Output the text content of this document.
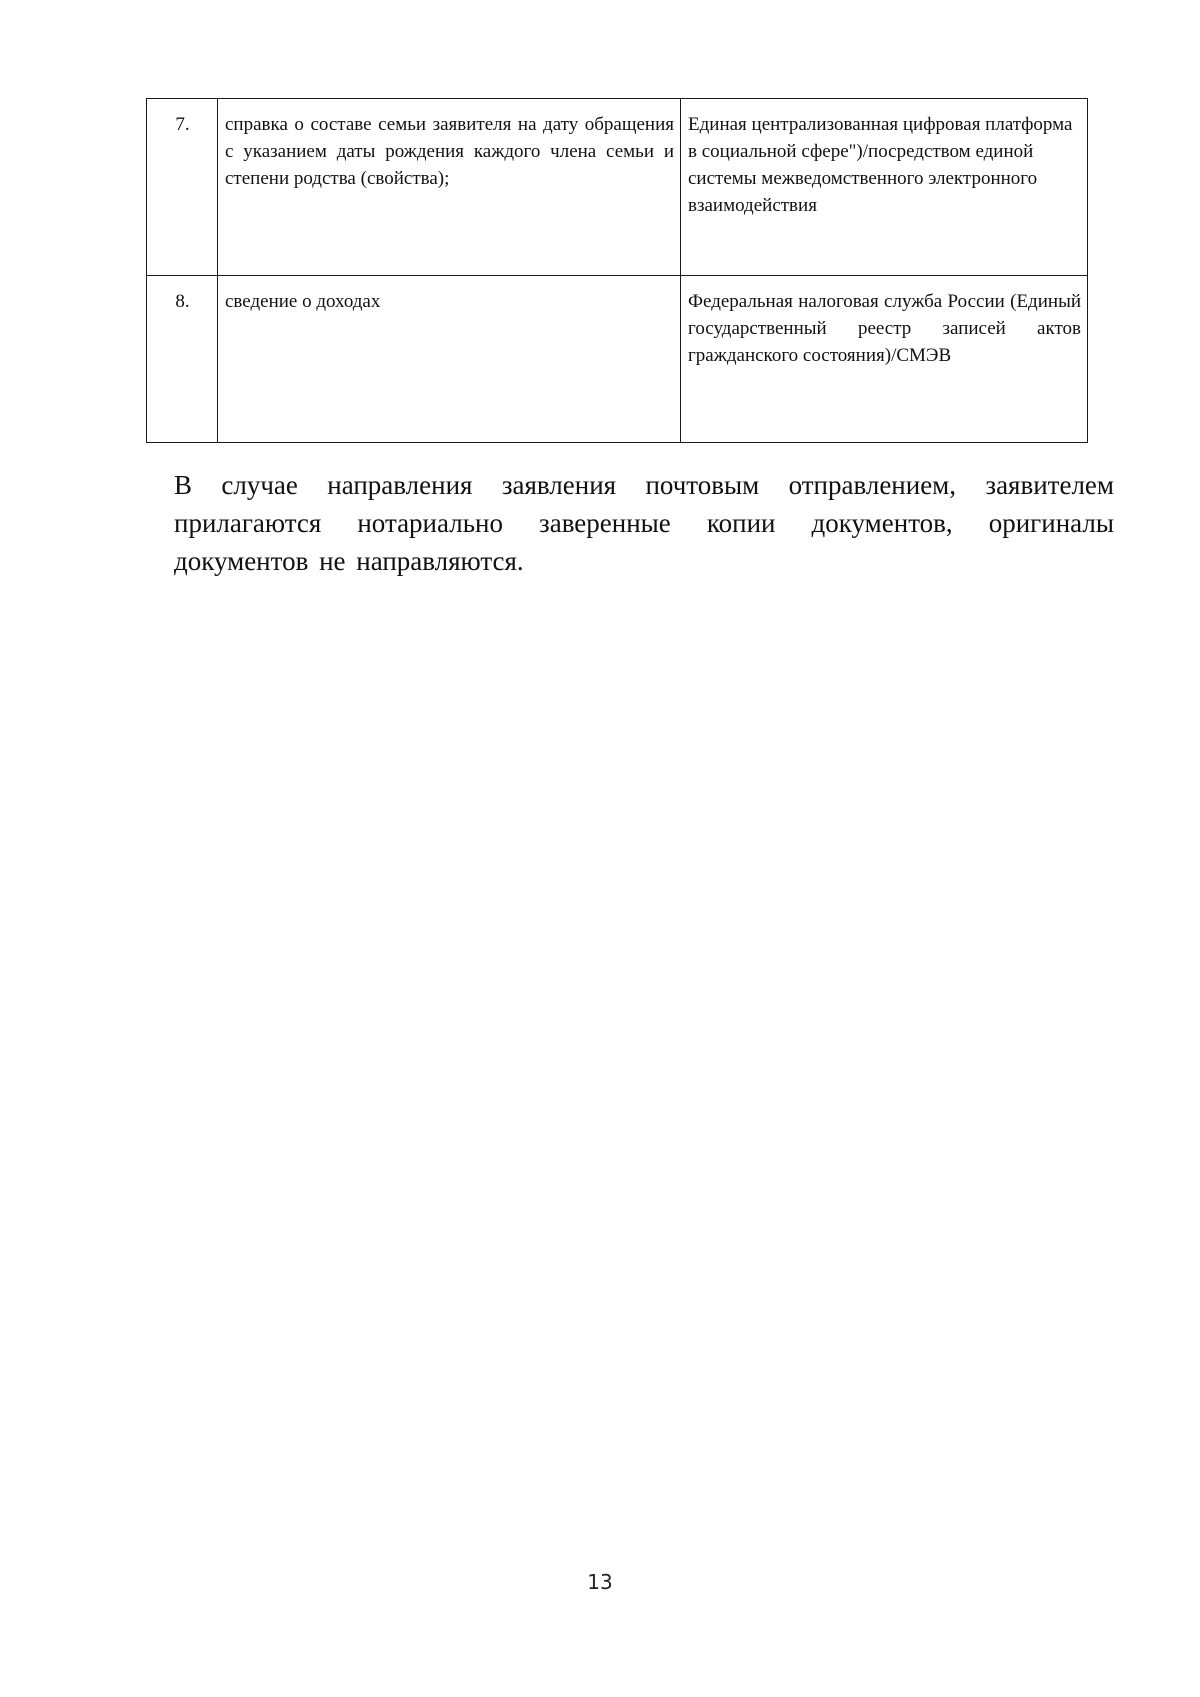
7.	справка о составе семьи заявителя на дату обращения с указанием даты рождения каждого члена семьи и степени родства (свойства);	Единая централизованная цифровая платформа в социальной сфере")/посредством единой системы межведомственного электронного взаимодействия
8.	сведение о доходах	Федеральная налоговая служба России (Единый государственный реестр записей актов гражданского состояния)/СМЭВ

В случае направления заявления почтовым отправлением, заявителем прилагаются нотариально заверенные копии документов, оригиналы документов не направляются.

13
